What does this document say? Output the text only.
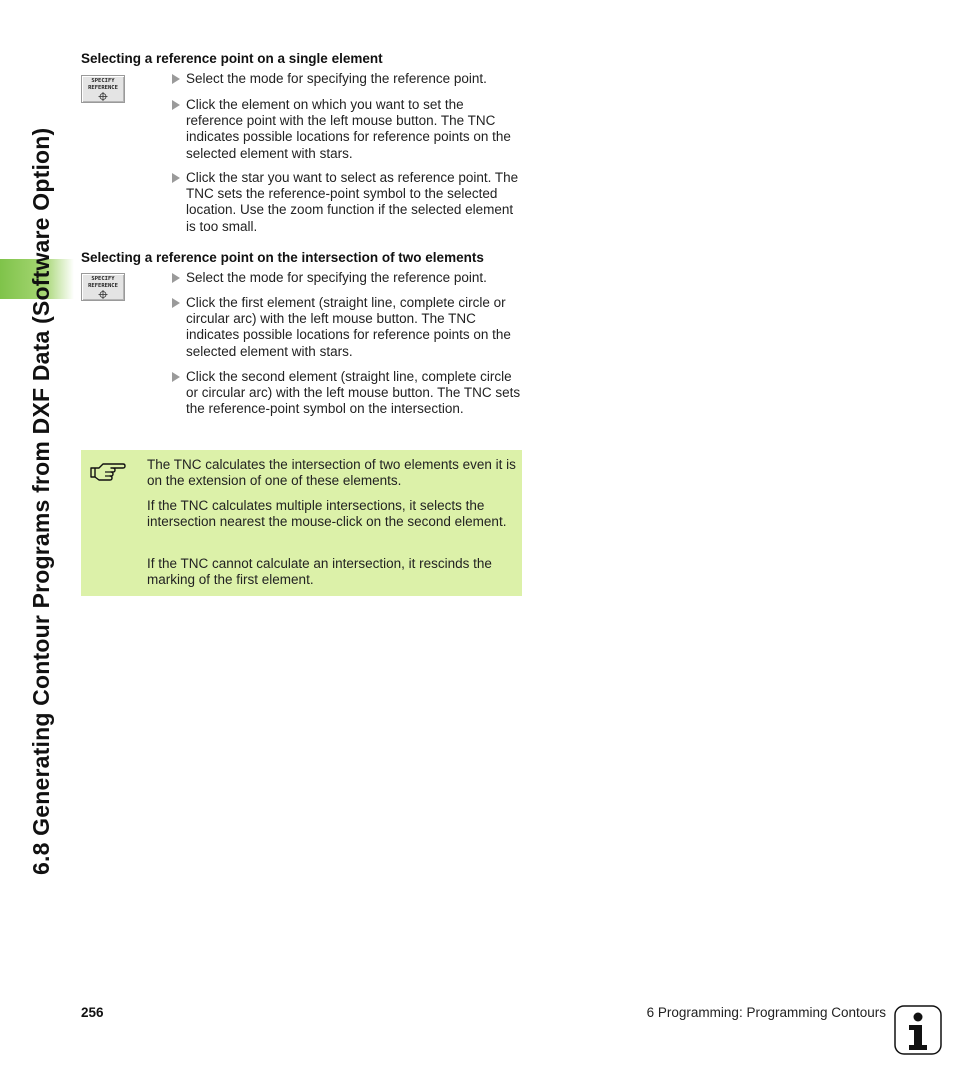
6.8 Generating Contour Programs from DXF Data (Software Option)
Selecting a reference point on a single element
SPECIFY
REFERENCE
Select the mode for specifying the reference point.
Click the element on which you want to set the reference point with the left mouse button. The TNC indicates possible locations for reference points on the selected element with stars.
Click the star you want to select as reference point. The TNC sets the reference-point symbol to the selected location. Use the zoom function if the selected element is too small.
Selecting a reference point on the intersection of two elements
SPECIFY
REFERENCE
Select the mode for specifying the reference point.
Click the first element (straight line, complete circle or circular arc) with the left mouse button. The TNC indicates possible locations for reference points on the selected element with stars.
Click the second element (straight line, complete circle or circular arc) with the left mouse button. The TNC sets the reference-point symbol on the intersection.

The TNC calculates the intersection of two elements even it is on the extension of one of these elements.

If the TNC calculates multiple intersections, it selects the intersection nearest the mouse-click on the second element.

If the TNC cannot calculate an intersection, it rescinds the marking of the first element.

256	6 Programming: Programming Contours
